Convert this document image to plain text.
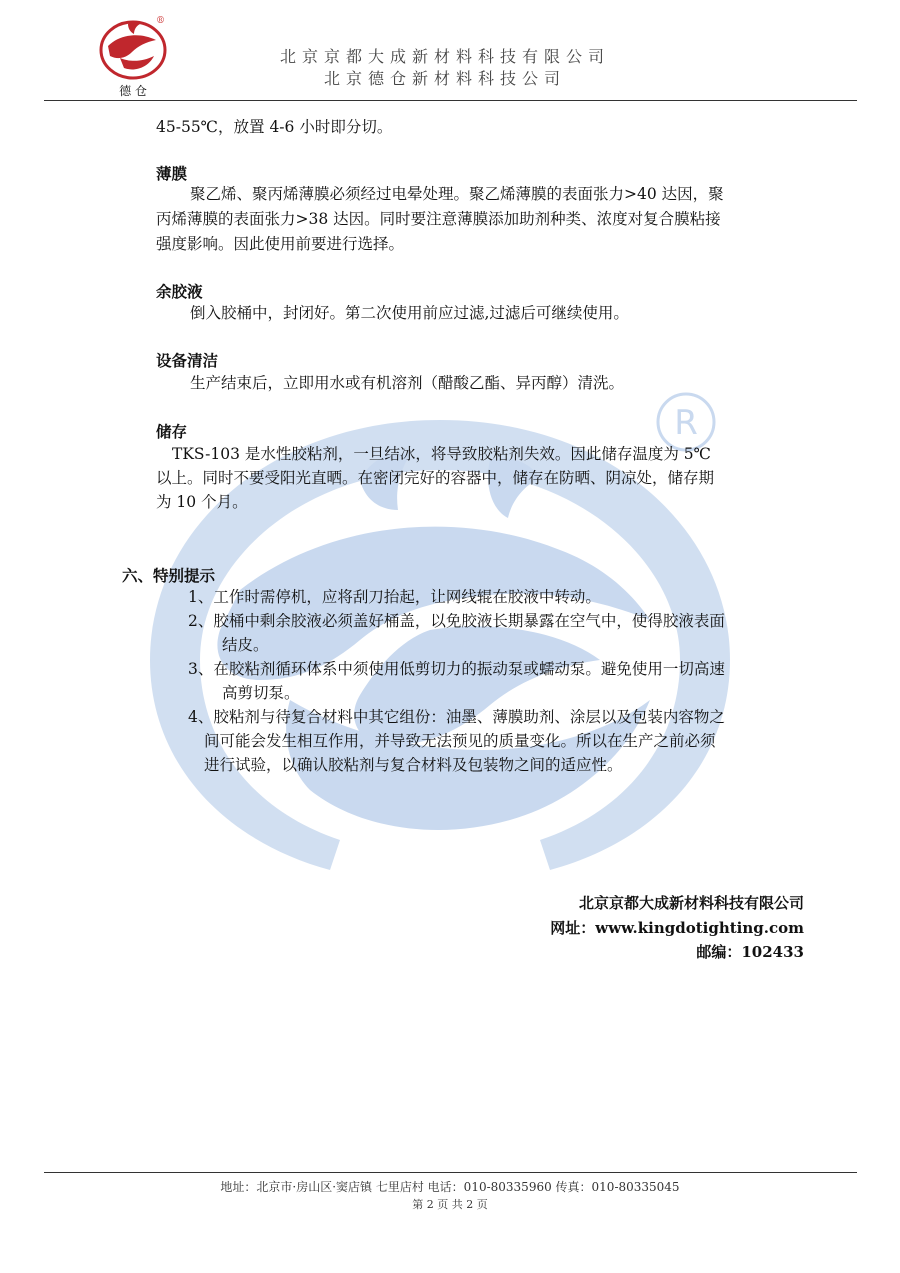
R
®
德 仓
北京京都大成新材料科技有限公司
北京德仓新材料科技公司
45-55℃，放置 4-6 小时即分切。
薄膜
聚乙烯、聚丙烯薄膜必须经过电晕处理。聚乙烯薄膜的表面张力>40 达因，聚
丙烯薄膜的表面张力>38 达因。同时要注意薄膜添加助剂种类、浓度对复合膜粘接
强度影响。因此使用前要进行选择。
余胶液
倒入胶桶中，封闭好。第二次使用前应过滤,过滤后可继续使用。
设备清洁
生产结束后，立即用水或有机溶剂（醋酸乙酯、异丙醇）清洗。
储存
TKS-103 是水性胶粘剂，一旦结冰，将导致胶粘剂失效。因此储存温度为 5℃
以上。同时不要受阳光直晒。在密闭完好的容器中，储存在防晒、阴凉处，储存期
为 10 个月。
六、特别提示
1、工作时需停机，应将刮刀抬起，让网线辊在胶液中转动。
2、胶桶中剩余胶液必须盖好桶盖，以免胶液长期暴露在空气中，使得胶液表面
结皮。
3、在胶粘剂循环体系中须使用低剪切力的振动泵或蠕动泵。避免使用一切高速
高剪切泵。
4、胶粘剂与待复合材料中其它组份：油墨、薄膜助剂、涂层以及包装内容物之
间可能会发生相互作用，并导致无法预见的质量变化。所以在生产之前必须
进行试验，以确认胶粘剂与复合材料及包装物之间的适应性。
北京京都大成新材料科技有限公司
网址：www.kingdotighting.com
邮编：102433
地址：北京市·房山区·窦店镇 七里店村 电话：010-80335960 传真：010-80335045
第 2 页 共 2 页
